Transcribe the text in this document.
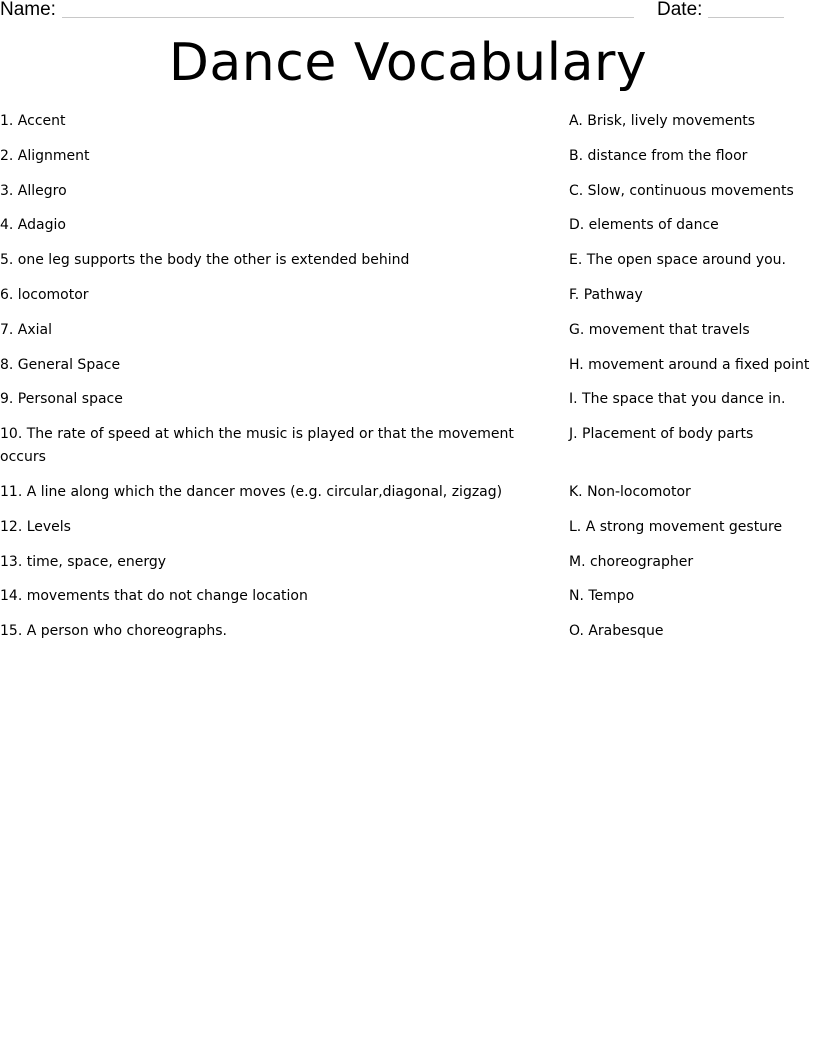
Name:	Date:
Dance Vocabulary
1. Accent
2. Alignment
3. Allegro
4. Adagio
5. one leg supports the body the other is extended behind
6. locomotor
7. Axial
8. General Space
9. Personal space
10. The rate of speed at which the music is played or that the movement occurs
11. A line along which the dancer moves (e.g. circular,diagonal, zigzag)
12. Levels
13. time, space, energy
14. movements that do not change location
15. A person who choreographs.
A. Brisk, lively movements
B. distance from the floor
C. Slow, continuous movements
D. elements of dance
E. The open space around you.
F. Pathway
G. movement that travels
H. movement around a fixed point
I. The space that you dance in.
J. Placement of body parts
K. Non-locomotor
L. A strong movement gesture
M. choreographer
N. Tempo
O. Arabesque
